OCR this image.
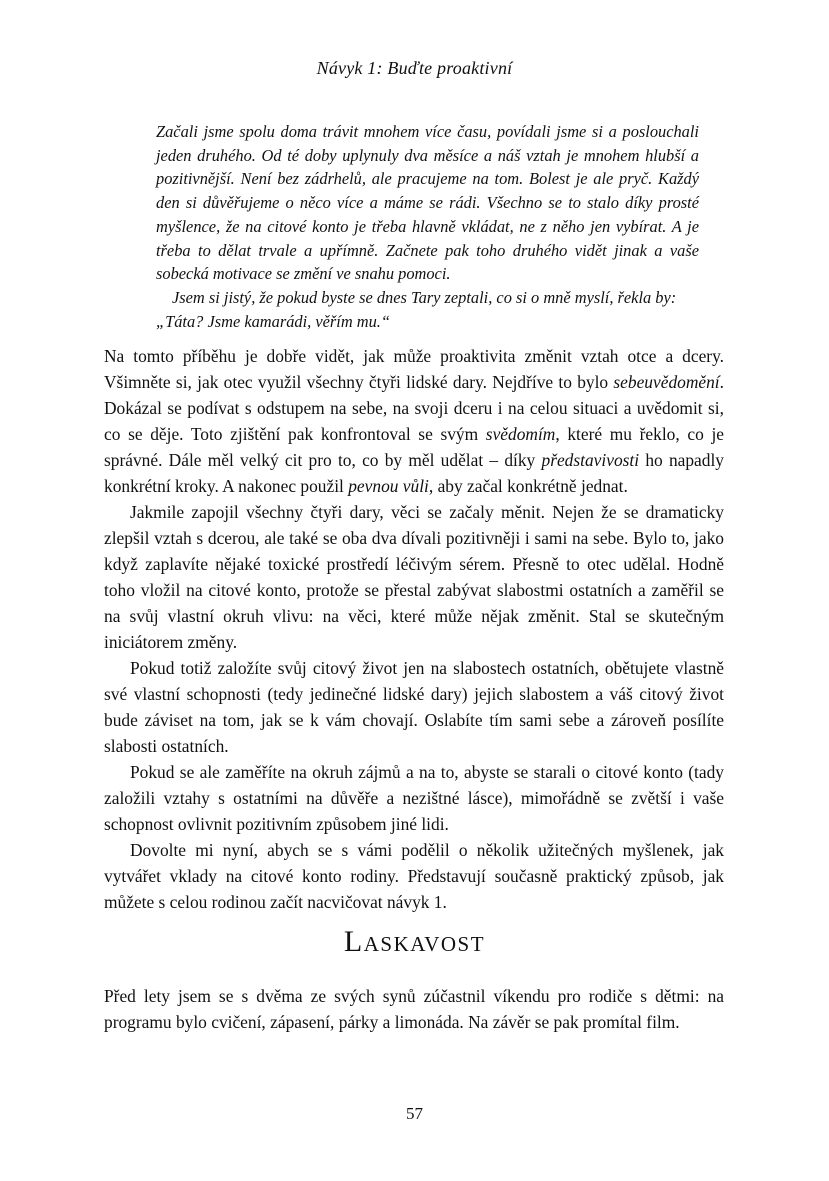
Návyk 1: Buďte proaktivní

Začali jsme spolu doma trávit mnohem více času, povídali jsme si a poslouchali jeden druhého. Od té doby uplynuly dva měsíce a náš vztah je mnohem hlubší a pozitivnější. Není bez zádrhelů, ale pracujeme na tom. Bolest je ale pryč. Každý den si důvěřujeme o něco více a máme se rádi. Všechno se to stalo díky prosté myšlence, že na citové konto je třeba hlavně vkládat, ne z něho jen vybírat. A je třeba to dělat trvale a upřímně. Začnete pak toho druhého vidět jinak a vaše sobecká motivace se změní ve snahu pomoci.

Jsem si jistý, že pokud byste se dnes Tary zeptali, co si o mně myslí, řekla by:

„Táta? Jsme kamarádi, věřím mu.“

Na tomto příběhu je dobře vidět, jak může proaktivita změnit vztah otce a dcery. Všimněte si, jak otec využil všechny čtyři lidské dary. Nejdříve to bylo sebeuvědomění. Dokázal se podívat s odstupem na sebe, na svoji dceru i na celou situaci a uvědomit si, co se děje. Toto zjištění pak konfrontoval se svým svědomím, které mu řeklo, co je správné. Dále měl velký cit pro to, co by měl udělat – díky představivosti ho napadly konkrétní kroky. A nakonec použil pevnou vůli, aby začal konkrétně jednat.

Jakmile zapojil všechny čtyři dary, věci se začaly měnit. Nejen že se dramaticky zlepšil vztah s dcerou, ale také se oba dva dívali pozitivněji i sami na sebe. Bylo to, jako když zaplavíte nějaké toxické prostředí léčivým sérem. Přesně to otec udělal. Hodně toho vložil na citové konto, protože se přestal zabývat slabostmi ostatních a zaměřil se na svůj vlastní okruh vlivu: na věci, které může nějak změnit. Stal se skutečným iniciátorem změny.

Pokud totiž založíte svůj citový život jen na slabostech ostatních, obětujete vlastně své vlastní schopnosti (tedy jedinečné lidské dary) jejich slabostem a váš citový život bude záviset na tom, jak se k vám chovají. Oslabíte tím sami sebe a zároveň posílíte slabosti ostatních.

Pokud se ale zaměříte na okruh zájmů a na to, abyste se starali o citové konto (tady založili vztahy s ostatními na důvěře a nezištné lásce), mimořádně se zvětší i vaše schopnost ovlivnit pozitivním způsobem jiné lidi.

Dovolte mi nyní, abych se s vámi podělil o několik užitečných myšlenek, jak vytvářet vklady na citové konto rodiny. Představují současně praktický způsob, jak můžete s celou rodinou začít nacvičovat návyk 1.

Laskavost

Před lety jsem se s dvěma ze svých synů zúčastnil víkendu pro rodiče s dětmi: na programu bylo cvičení, zápasení, párky a limonáda. Na závěr se pak promítal film.

57
